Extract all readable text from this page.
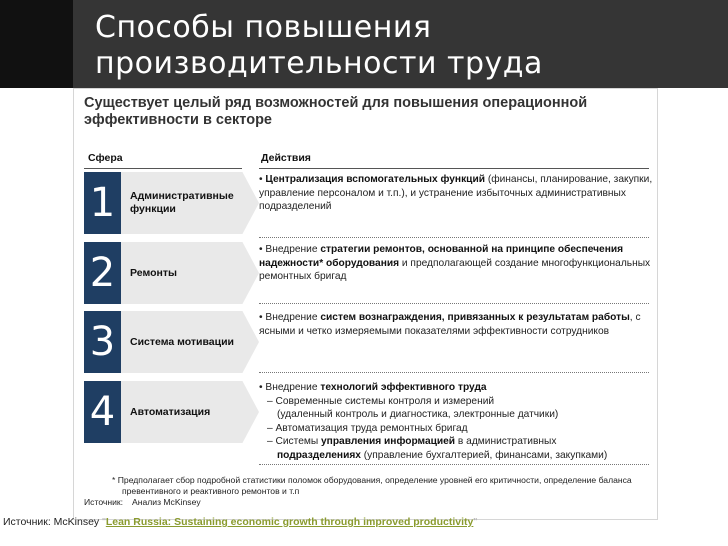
Способы повышения
производительности труда
Существует целый ряд возможностей для повышения операционной эффективности в секторе
Сфера	Действия
1	Административные функции
• Централизация вспомогательных функций (финансы, планирование, закупки, управление персоналом и т.п.), и устранение избыточных административных подразделений
2	Ремонты
• Внедрение стратегии ремонтов, основанной на принципе обеспечения надежности* оборудования и предполагающей создание многофункциональных ремонтных бригад
3	Система мотивации
• Внедрение систем вознаграждения, привязанных к результатам работы, с ясными и четко измеряемыми показателями эффективности сотрудников
4	Автоматизация
• Внедрение технологий эффективного труда
– Современные системы контроля и измерений
(удаленный контроль и диагностика, электронные датчики)
– Автоматизация труда ремонтных бригад
– Системы управления информацией в административных
подразделениях (управление бухгалтерией, финансами, закупками)
* Предполагает сбор подробной статистики поломок оборудования, определение уровней его критичности, определение баланса превентивного и реактивного ремонтов и т.п
Источник: Анализ McKinsey
Источник: McKinsey "Lean Russia: Sustaining economic growth through improved productivity"
